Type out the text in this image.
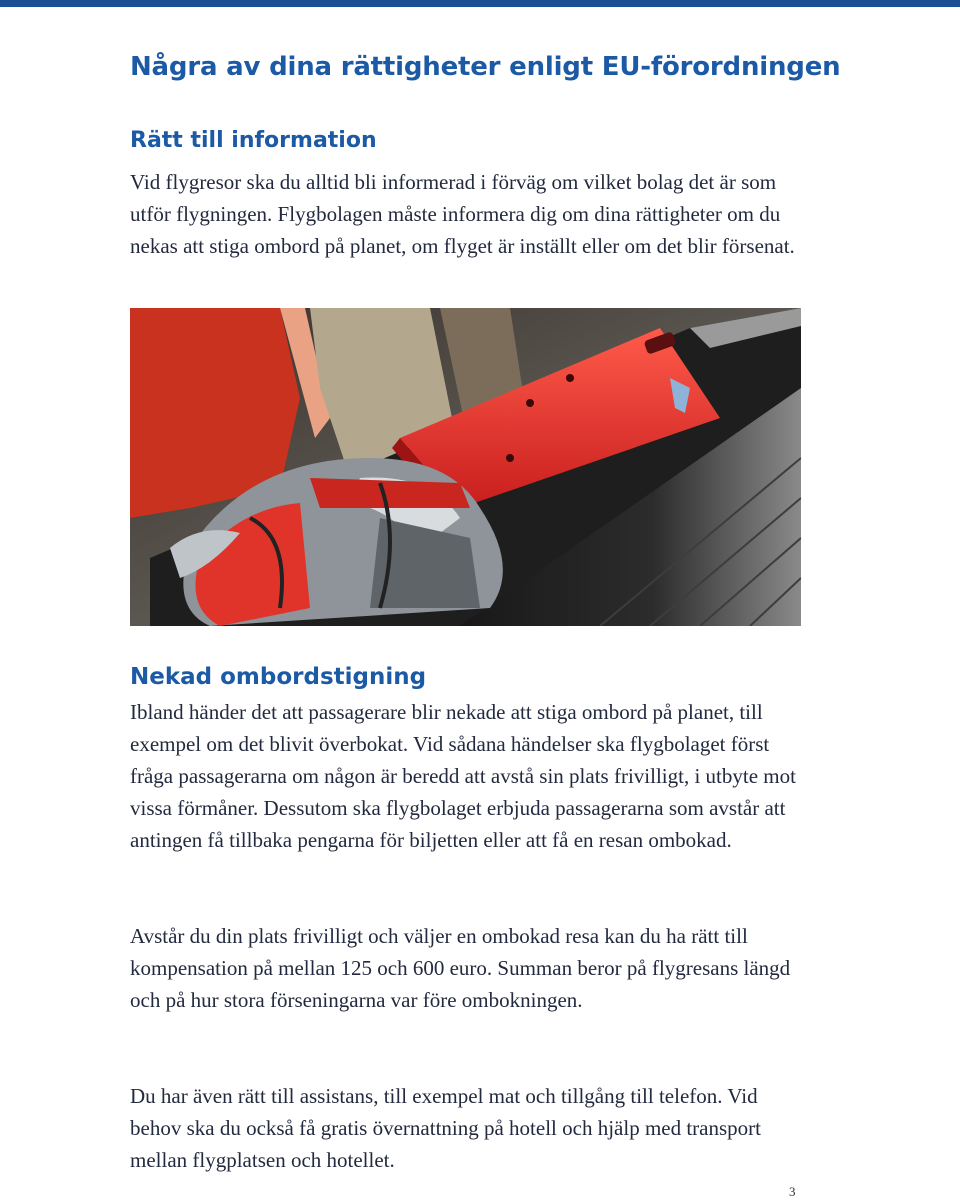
Några av dina rättigheter enligt EU-förordningen
Rätt till information

Vid flygresor ska du alltid bli informerad i förväg om vilket bolag det är som utför flygningen. Flygbolagen måste informera dig om dina rättigheter om du nekas att stiga ombord på planet, om flyget är inställt eller om det blir försenat.

Nekad ombordstigning

Ibland händer det att passagerare blir nekade att stiga ombord på planet, till exempel om det blivit överbokat. Vid sådana händelser ska flygbolaget först fråga passagerarna om någon är beredd att avstå sin plats frivilligt, i utbyte mot vissa förmåner. Dessutom ska flygbolaget erbjuda passagerarna som avstår att antingen få tillbaka pengarna för biljetten eller att få en resan ombokad.

Avstår du din plats frivilligt och väljer en ombokad resa kan du ha rätt till kompensation på mellan 125 och 600 euro. Summan beror på flygresans längd och på hur stora förseningarna var före ombokningen.

Du har även rätt till assistans, till exempel mat och tillgång till telefon. Vid behov ska du också få gratis övernattning på hotell och hjälp med transport mellan flygplatsen och hotellet.

3
